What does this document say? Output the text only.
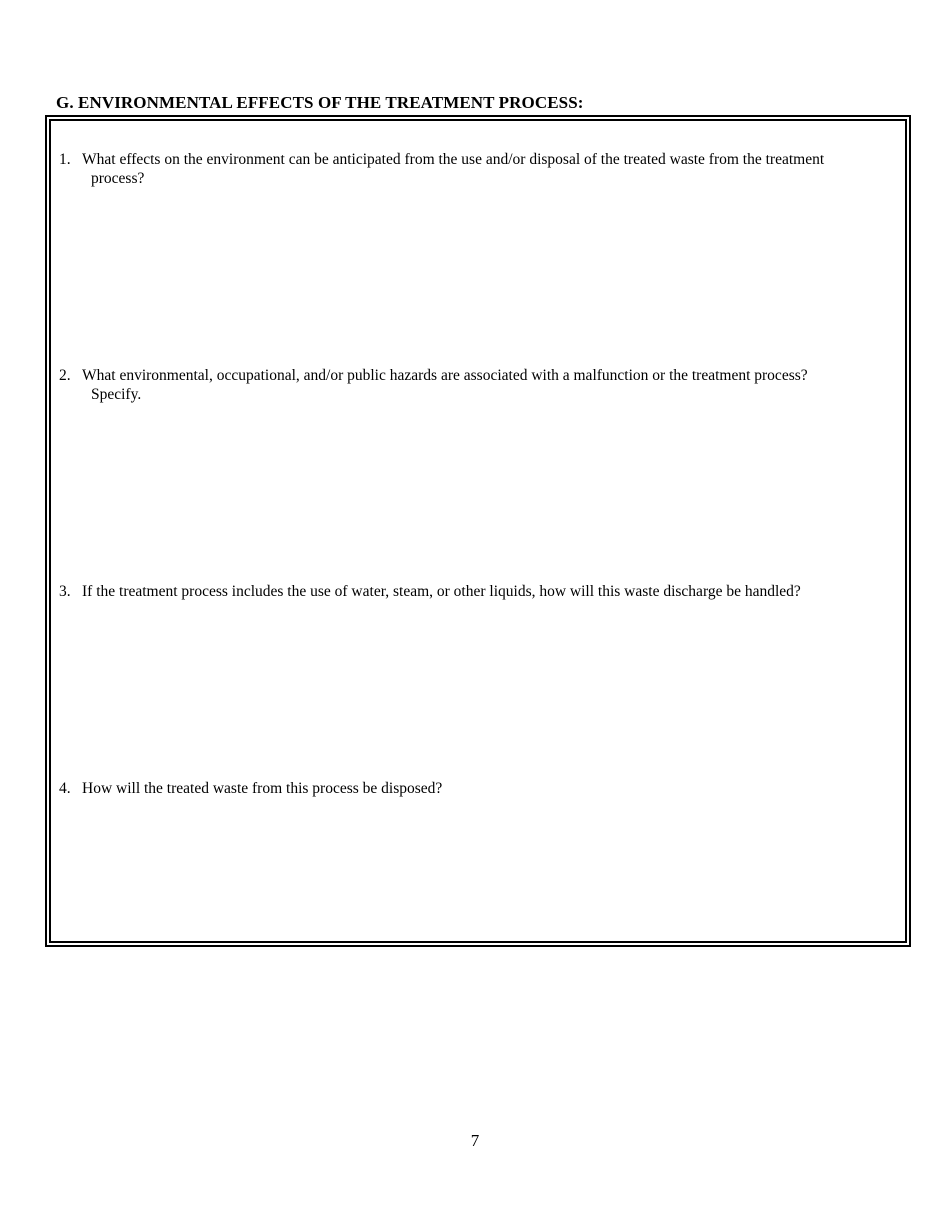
G. ENVIRONMENTAL EFFECTS OF THE TREATMENT PROCESS:
1. What effects on the environment can be anticipated from the use and/or disposal of the treated waste from the treatment
process?
2. What environmental, occupational, and/or public hazards are associated with a malfunction or the treatment process?
Specify.
3. If the treatment process includes the use of water, steam, or other liquids, how will this waste discharge be handled?
4. How will the treated waste from this process be disposed?
7
